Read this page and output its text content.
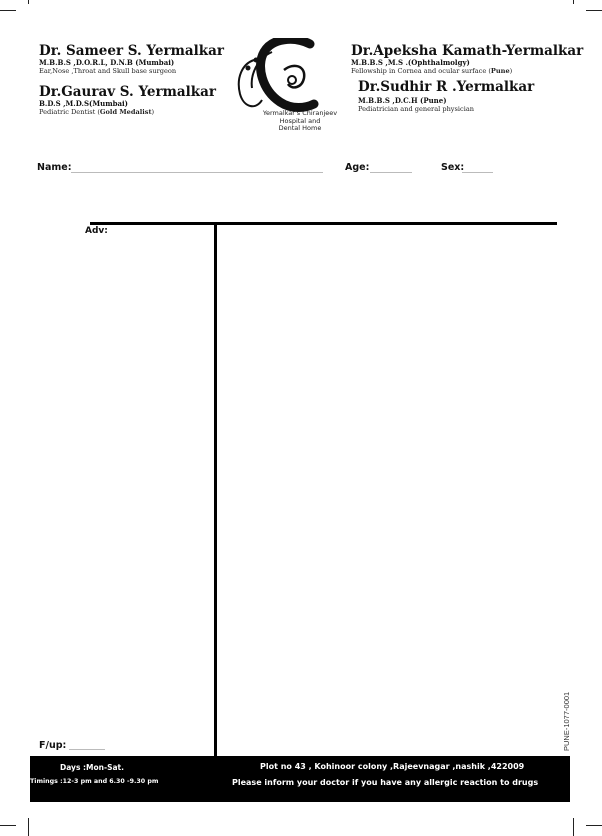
Dr. Sameer S. Yermalkar
M.B.B.S ,D.O.R.L, D.N.B (Mumbai)
Ear,Nose ,Throat and Skull base surgeon
Dr.Gaurav S. Yermalkar
B.D.S ,M.D.S(Mumbai)
Pediatric Dentist (Gold Medalist)
Dr.Apeksha Kamath-Yermalkar
M.B.B.S ,M.S .(Ophthalmolgy)
Fellowship in Cornea and ocular surface (Pune)
Dr.Sudhir R .Yermalkar
M.B.B.S ,D.C.H (Pune)
Pediatrician and general physician
Yermalkar's Chiranjeev
Hospital and
Dental Home
Name:	Age:	Sex:
Adv:
F/up:	PUNE-1077-0001
Days :Mon-Sat.
Timings :12-3 pm and 6.30 -9.30 pm
Plot no 43 , Kohinoor colony ,Rajeevnagar ,nashik ,422009
Please inform your doctor if you have any allergic reaction to drugs
